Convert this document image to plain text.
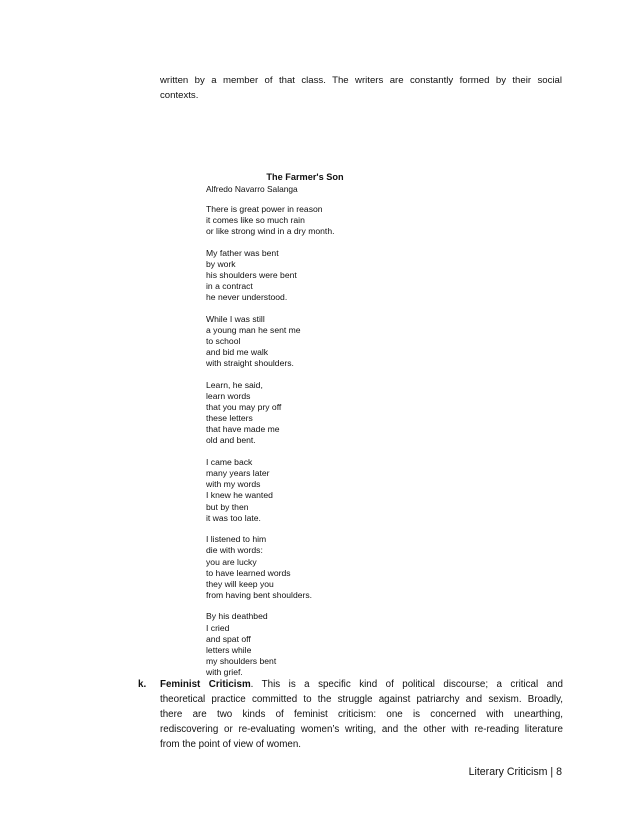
written by a member of that class. The writers are constantly formed by their social
contexts.
The Farmer's Son
Alfredo Navarro Salanga
There is great power in reason
it comes like so much rain
or like strong wind in a dry month.
My father was bent
by work
his shoulders were bent
in a contract
he never understood.
While I was still
a young man he sent me
to school
and bid me walk
with straight shoulders.
Learn, he said,
learn words
that you may pry off
these letters
that have made me
old and bent.
I came back
many years later
with my words
I knew he wanted
but by then
it was too late.
I listened to him
die with words:
you are lucky
to have learned words
they will keep you
from having bent shoulders.
By his deathbed
I cried
and spat off
letters while
my shoulders bent
with grief.
k. Feminist Criticism. This is a specific kind of political discourse; a critical and
theoretical practice committed to the struggle against patriarchy and sexism. Broadly,
there are two kinds of feminist criticism: one is concerned with unearthing,
rediscovering or re-evaluating women’s writing, and the other with re-reading literature
from the point of view of women.
Literary Criticism | 8
